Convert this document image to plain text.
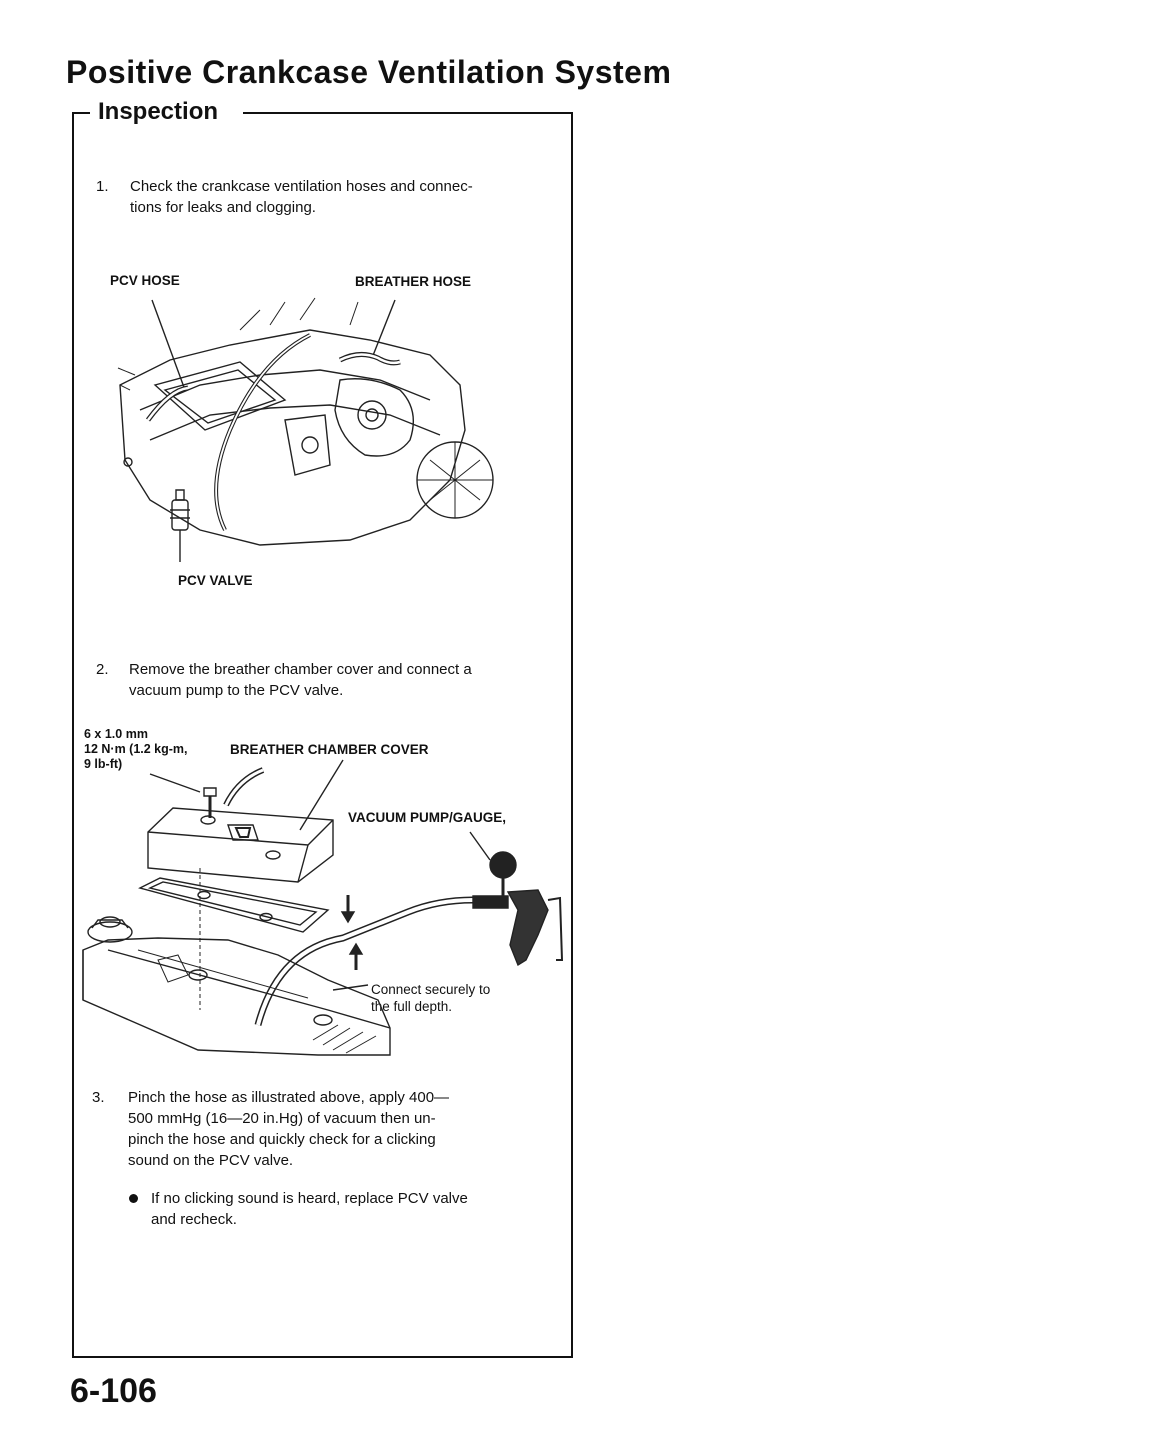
Positive Crankcase Ventilation System
Inspection
1. Check the crankcase ventilation hoses and connec-
tions for leaks and clogging.
PCV HOSE	BREATHER HOSE
PCV VALVE
2. Remove the breather chamber cover and connect a
vacuum pump to the PCV valve.
6 x 1.0 mm
12 N·m (1.2 kg-m,
9 lb-ft)
BREATHER CHAMBER COVER
VACUUM PUMP/GAUGE,
Connect securely to
the full depth.
3. Pinch the hose as illustrated above, apply 400—
500 mmHg (16—20 in.Hg) of vacuum then un-
pinch the hose and quickly check for a clicking
sound on the PCV valve.
If no clicking sound is heard, replace PCV valve
and recheck.
6-106
